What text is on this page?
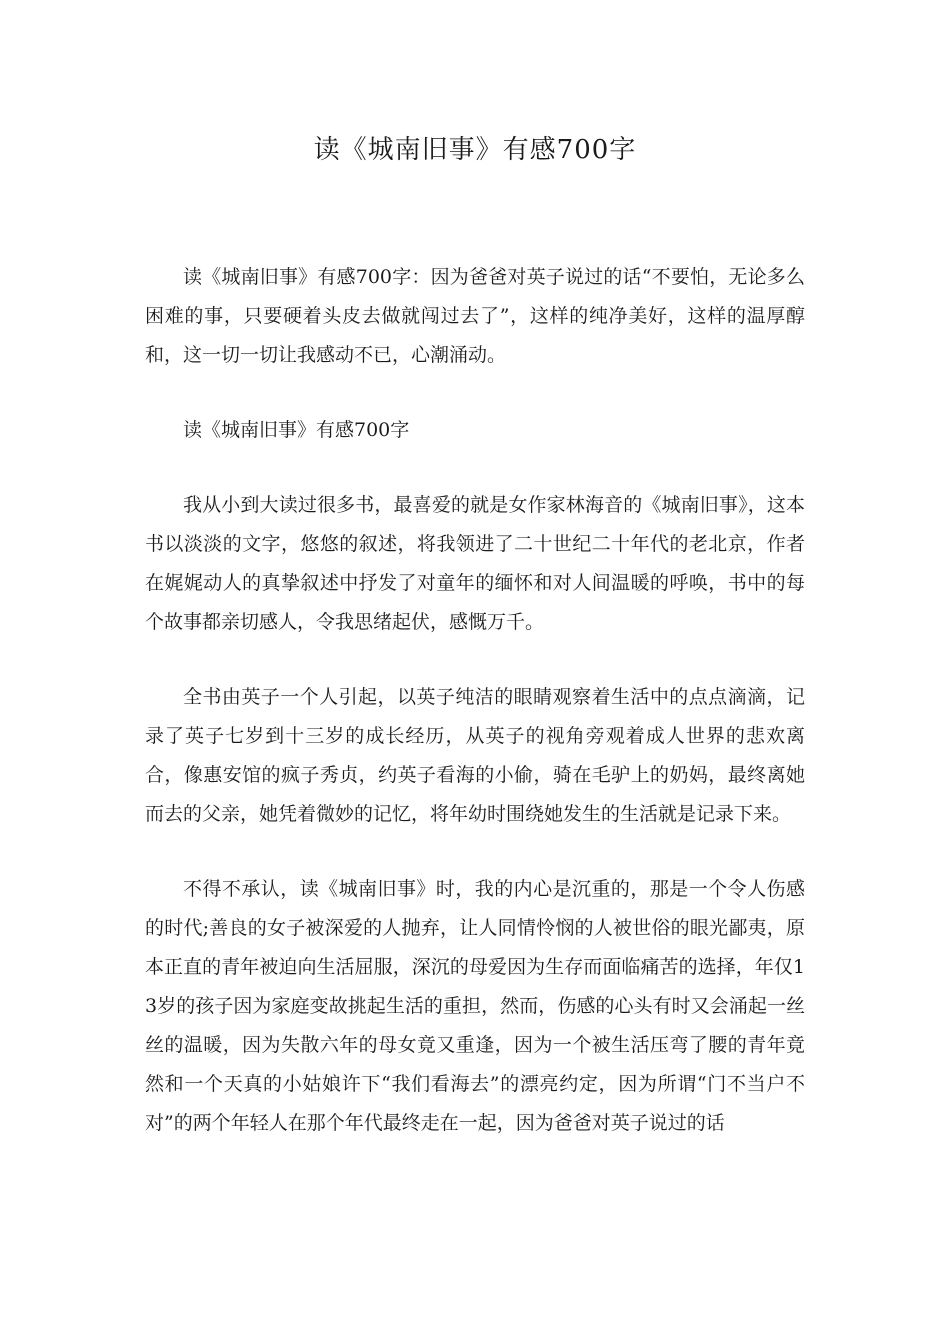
读《城南旧事》有感700字

读《城南旧事》有感700字：因为爸爸对英子说过的话“不要怕，无论多么困难的事，只要硬着头皮去做就闯过去了”，这样的纯净美好，这样的温厚醇和，这一切一切让我感动不已，心潮涌动。

读《城南旧事》有感700字

我从小到大读过很多书，最喜爱的就是女作家林海音的《城南旧事》，这本书以淡淡的文字，悠悠的叙述，将我领进了二十世纪二十年代的老北京，作者在娓娓动人的真挚叙述中抒发了对童年的缅怀和对人间温暖的呼唤，书中的每个故事都亲切感人，令我思绪起伏，感慨万千。

全书由英子一个人引起，以英子纯洁的眼睛观察着生活中的点点滴滴，记录了英子七岁到十三岁的成长经历，从英子的视角旁观着成人世界的悲欢离合，像惠安馆的疯子秀贞，约英子看海的小偷，骑在毛驴上的奶妈，最终离她而去的父亲，她凭着微妙的记忆，将年幼时围绕她发生的生活就是记录下来。

不得不承认，读《城南旧事》时，我的内心是沉重的，那是一个令人伤感的时代;善良的女子被深爱的人抛弃，让人同情怜悯的人被世俗的眼光鄙夷，原本正直的青年被迫向生活屈服，深沉的母爱因为生存而面临痛苦的选择，年仅13岁的孩子因为家庭变故挑起生活的重担，然而，伤感的心头有时又会涌起一丝丝的温暖，因为失散六年的母女竟又重逢，因为一个被生活压弯了腰的青年竟然和一个天真的小姑娘许下“我们看海去”的漂亮约定，因为所谓“门不当户不对”的两个年轻人在那个年代最终走在一起，因为爸爸对英子说过的话
